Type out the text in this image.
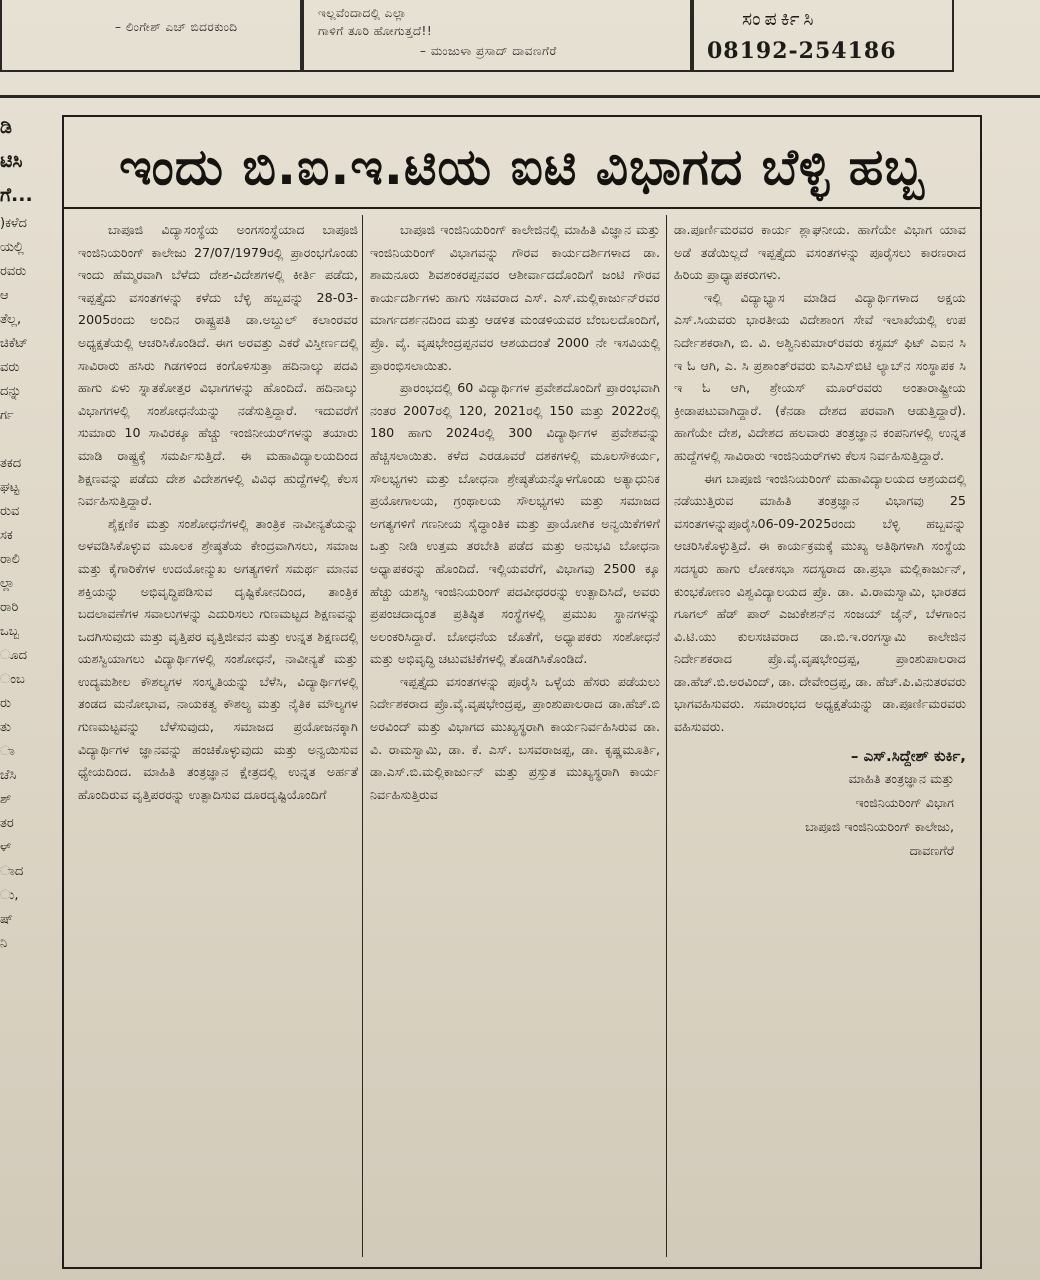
– ಲಿಂಗೇಶ್ ಎಚ್ ಬಿದರಕುಂದಿ
ಇಲ್ಲವೆಂದಾದಲ್ಲಿ ಎಲ್ಲಾ
ಗಾಳಿಗೆ ತೂರಿ ಹೋಗುತ್ತದೆ!!
– ಮಂಜುಳಾ ಪ್ರಸಾದ್ ದಾವಣಗೆರೆ
ಸಂಪರ್ಕಿಸಿ
08192-254186
ಡಿ
ಟಿಸಿ
ಗೆ...
)ಕಳೆದ
ಯಲ್ಲಿ
ರವರು
ಆ
ತೆಲ್ಲ,
ಚಿಕೆಟ್
ವರು
ದನ್ನು
ರ್ಗ
ತಕದ
ಘಟ್ಟ
ರುವ
ಸಕ
ರಾಲಿ
ಲ್ಲಾ
ರಾರಿ
ಒಬ್ಬ
ೂದ
ಂಬ
ರು
ತು
ಾ
ಚೆಸಿ
ಶ್
ತರ
ಳ್
ಾದ
ು,
ಷ್
ನಿ
ಇಂದು ಬಿ.ಐ.ಇ.ಟಿಯ ಐಟಿ ವಿಭಾಗದ ಬೆಳ್ಳಿ ಹಬ್ಬ

ಬಾಪೂಜಿ ವಿದ್ಯಾಸಂಸ್ಥೆಯ ಅಂಗಸಂಸ್ಥೆಯಾದ ಬಾಪೂಜಿ ಇಂಜಿನಿಯರಿಂಗ್ ಕಾಲೇಜು 27/07/1979ರಲ್ಲಿ ಪ್ರಾರಂಭಗೊಂಡು ಇಂದು ಹೆಮ್ಮರವಾಗಿ ಬೆಳೆದು ದೇಶ-ವಿದೇಶಗಳಲ್ಲಿ ಕೀರ್ತಿ ಪಡೆದು, ಇಪ್ಪತ್ತೈದು ವಸಂತಗಳನ್ನು ಕಳೆದು ಬೆಳ್ಳಿ ಹಬ್ಬವನ್ನು 28-03-2005ರಂದು ಅಂದಿನ ರಾಷ್ಟ್ರಪತಿ ಡಾ.ಅಬ್ದುಲ್ ಕಲಾಂರವರ ಅಧ್ಯಕ್ಷತೆಯಲ್ಲಿ ಆಚರಿಸಿಕೊಂಡಿದೆ. ಈಗ ಅರವತ್ತು ಎಕರೆ ವಿಸ್ತೀರ್ಣದಲ್ಲಿ ಸಾವಿರಾರು ಹಸಿರು ಗಿಡಗಳಿಂದ ಕಂಗೊಳಿಸುತ್ತಾ ಹದಿನಾಲ್ಕು ಪದವಿ ಹಾಗು ಏಳು ಸ್ನಾತಕೋತ್ತರ ವಿಭಾಗಗಳನ್ನು ಹೊಂದಿದೆ. ಹದಿನಾಲ್ಕು ವಿಭಾಗಗಳಲ್ಲಿ ಸಂಶೋಧನೆಯನ್ನು ನಡೆಸುತ್ತಿದ್ದಾರೆ. ಇದುವರೆಗೆ ಸುಮಾರು 10 ಸಾವಿರಕ್ಕೂ ಹೆಚ್ಚು ಇಂಜಿನೀಯರ್‌ಗಳನ್ನು ತಯಾರು ಮಾಡಿ ರಾಷ್ಟ್ರಕ್ಕೆ ಸಮರ್ಪಿಸುತ್ತಿದೆ. ಈ ಮಹಾವಿದ್ಯಾಲಯದಿಂದ ಶಿಕ್ಷಣವನ್ನು ಪಡೆದು ದೇಶ ವಿದೇಶಗಳಲ್ಲಿ ವಿವಿಧ ಹುದ್ದೆಗಳಲ್ಲಿ ಕೆಲಸ ನಿರ್ವಹಿಸುತ್ತಿದ್ದಾರೆ.

ಶೈಕ್ಷಣಿಕ ಮತ್ತು ಸಂಶೋಧನೆಗಳಲ್ಲಿ ತಾಂತ್ರಿಕ ನಾವೀನ್ಯತೆಯನ್ನು ಅಳವಡಿಸಿಕೊಳ್ಳುವ ಮೂಲಕ ಶ್ರೇಷ್ಠತೆಯ ಕೇಂದ್ರವಾಗಿಸಲು, ಸಮಾಜ ಮತ್ತು ಕೈಗಾರಿಕೆಗಳ ಉದಯೋನ್ಮುಖ ಅಗತ್ಯಗಳಿಗೆ ಸಮರ್ಥ ಮಾನವ ಶಕ್ತಿಯನ್ನು ಅಭಿವೃದ್ಧಿಪಡಿಸುವ ದೃಷ್ಟಿಕೋನದಿಂದ, ತಾಂತ್ರಿಕ ಬದಲಾವಣೆಗಳ ಸವಾಲುಗಳನ್ನು ಎದುರಿಸಲು ಗುಣಮಟ್ಟದ ಶಿಕ್ಷಣವನ್ನು ಒದಗಿಸುವುದು ಮತ್ತು ವೃತ್ತಿಪರ ವೃತ್ತಿಜೀವನ ಮತ್ತು ಉನ್ನತ ಶಿಕ್ಷಣದಲ್ಲಿ ಯಶಸ್ವಿಯಾಗಲು ವಿದ್ಯಾರ್ಥಿಗಳಲ್ಲಿ ಸಂಶೋಧನೆ, ನಾವೀನ್ಯತೆ ಮತ್ತು ಉದ್ಯಮಶೀಲ ಕೌಶಲ್ಯಗಳ ಸಂಸ್ಕೃತಿಯನ್ನು ಬೆಳೆಸಿ, ವಿದ್ಯಾರ್ಥಿಗಳಲ್ಲಿ ತಂಡದ ಮನೋಭಾವ, ನಾಯಕತ್ವ ಕೌಶಲ್ಯ ಮತ್ತು ನೈತಿಕ ಮೌಲ್ಯಗಳ ಗುಣಮಟ್ಟವನ್ನು ಬೆಳೆಸುವುದು, ಸಮಾಜದ ಪ್ರಯೋಜನಕ್ಕಾಗಿ ವಿದ್ಯಾರ್ಥಿಗಳ ಜ್ಞಾನವನ್ನು ಹಂಚಿಕೊಳ್ಳುವುದು ಮತ್ತು ಅನ್ವಯಿಸುವ ಧ್ಯೇಯದಿಂದ. ಮಾಹಿತಿ ತಂತ್ರಜ್ಞಾನ ಕ್ಷೇತ್ರದಲ್ಲಿ ಉನ್ನತ ಅರ್ಹತೆ ಹೊಂದಿರುವ ವೃತ್ತಿಪರರನ್ನು ಉತ್ಪಾದಿಸುವ ದೂರದೃಷ್ಟಿಯೊಂದಿಗೆ

ಬಾಪೂಜಿ ಇಂಜಿನಿಯರಿಂಗ್ ಕಾಲೇಜಿನಲ್ಲಿ ಮಾಹಿತಿ ವಿಜ್ಞಾನ ಮತ್ತು ಇಂಜಿನಿಯರಿಂಗ್ ವಿಭಾಗವನ್ನು ಗೌರವ ಕಾರ್ಯದರ್ಶಿಗಳಾದ ಡಾ. ಶಾಮನೂರು ಶಿವಶಂಕರಪ್ಪನವರ ಆಶೀರ್ವಾದದೊಂದಿಗೆ ಜಂಟಿ ಗೌರವ ಕಾರ್ಯದರ್ಶಿಗಳು ಹಾಗು ಸಚಿವರಾದ ಎಸ್. ಎಸ್.ಮಲ್ಲಿಕಾರ್ಜುನ್‌ರವರ ಮಾರ್ಗದರ್ಶನದಿಂದ ಮತ್ತು ಆಡಳಿತ ಮಂಡಳಿಯವರ ಬೆಂಬಲದೊಂದಿಗೆ, ಪ್ರೊ. ವೈ. ವೃಷಭೇಂದ್ರಪ್ಪನವರ ಆಶಯದಂತೆ 2000 ನೇ ಇಸವಿಯಲ್ಲಿ ಪ್ರಾರಂಭಿಸಲಾಯಿತು.

ಪ್ರಾರಂಭದಲ್ಲಿ 60 ವಿದ್ಯಾರ್ಥಿಗಳ ಪ್ರವೇಶದೊಂದಿಗೆ ಪ್ರಾರಂಭವಾಗಿ ನಂತರ 2007ರಲ್ಲಿ 120, 2021ರಲ್ಲಿ 150 ಮತ್ತು 2022ರಲ್ಲಿ 180 ಹಾಗು 2024ರಲ್ಲಿ 300 ವಿದ್ಯಾರ್ಥಿಗಳ ಪ್ರವೇಶವನ್ನು ಹೆಚ್ಚಿಸಲಾಯಿತು. ಕಳೆದ ಎರಡೂವರೆ ದಶಕಗಳಲ್ಲಿ ಮೂಲಸೌಕರ್ಯ, ಸೌಲಭ್ಯಗಳು ಮತ್ತು ಬೋಧನಾ ಶ್ರೇಷ್ಠತೆಯನ್ನೊಳಗೊಂಡು ಅತ್ಯಾಧುನಿಕ ಪ್ರಯೋಗಾಲಯ, ಗ್ರಂಥಾಲಯ ಸೌಲಭ್ಯಗಳು ಮತ್ತು ಸಮಾಜದ ಅಗತ್ಯಗಳಿಗೆ ಗಣನೀಯ ಸೈದ್ಧಾಂತಿಕ ಮತ್ತು ಪ್ರಾಯೋಗಿಕ ಅನ್ವಯಿಕೆಗಳಿಗೆ ಒತ್ತು ನೀಡಿ ಉತ್ತಮ ತರಬೇತಿ ಪಡೆದ ಮತ್ತು ಅನುಭವಿ ಬೋಧನಾ ಅಧ್ಯಾಪಕರನ್ನು ಹೊಂದಿದೆ. ಇಲ್ಲಿಯವರೆಗೆ, ವಿಭಾಗವು 2500 ಕ್ಕೂ ಹೆಚ್ಚು ಯಶಸ್ವಿ ಇಂಜಿನಿಯರಿಂಗ್ ಪದವೀಧರರನ್ನು ಉತ್ಪಾದಿಸಿದೆ, ಅವರು ಪ್ರಪಂಚದಾದ್ಯಂತ ಪ್ರತಿಷ್ಠಿತ ಸಂಸ್ಥೆಗಳಲ್ಲಿ ಪ್ರಮುಖ ಸ್ಥಾನಗಳನ್ನು ಅಲಂಕರಿಸಿದ್ದಾರೆ. ಬೋಧನೆಯ ಜೊತೆಗೆ, ಅಧ್ಯಾಪಕರು ಸಂಶೋಧನೆ ಮತ್ತು ಅಭಿವೃದ್ಧಿ ಚಟುವಟಿಕೆಗಳಲ್ಲಿ ತೊಡಗಿಸಿಕೊಂಡಿದೆ.

ಇಪ್ಪತ್ತೈದು ವಸಂತಗಳನ್ನು ಪೂರೈಸಿ ಒಳ್ಳೆಯ ಹೆಸರು ಪಡೆಯಲು ನಿರ್ದೇಶಕರಾದ ಪ್ರೊ.ವೈ.ವೃಷಭೇಂದ್ರಪ್ಪ, ಪ್ರಾಂಶುಪಾಲರಾದ ಡಾ.ಹೆಚ್.ಬಿ ಅರವಿಂದ್ ಮತ್ತು ವಿಭಾಗದ ಮುಖ್ಯಸ್ಥರಾಗಿ ಕಾರ್ಯನಿರ್ವಹಿಸಿರುವ ಡಾ. ವಿ. ರಾಮಸ್ವಾಮಿ, ಡಾ. ಕೆ. ಎಸ್. ಬಸವರಾಜಪ್ಪ, ಡಾ. ಕೃಷ್ಣಮೂರ್ತಿ, ಡಾ.ಎಸ್.ಬಿ.ಮಲ್ಲಿಕಾರ್ಜುನ್ ಮತ್ತು ಪ್ರಸ್ತುತ ಮುಖ್ಯಸ್ಥರಾಗಿ ಕಾರ್ಯ ನಿರ್ವಹಿಸುತ್ತಿರುವ

ಡಾ.ಪೂರ್ಣಿಮರವರ ಕಾರ್ಯ ಶ್ಲಾಘನೀಯ. ಹಾಗೆಯೇ ವಿಭಾಗ ಯಾವ ಅಡೆ ತಡೆಯಿಲ್ಲದೆ ಇಪ್ಪತ್ತೈದು ವಸಂತಗಳನ್ನು ಪೂರೈಸಲು ಕಾರಣರಾದ ಹಿರಿಯ ಪ್ರಾಧ್ಯಾಪಕರುಗಳು.

ಇಲ್ಲಿ ವಿದ್ಯಾಭ್ಯಾಸ ಮಾಡಿದ ವಿದ್ಯಾರ್ಥಿಗಳಾದ ಅಕ್ಷಯ ಎಸ್.ಸಿಯವರು ಭಾರತೀಯ ವಿದೇಶಾಂಗ ಸೇವೆ ಇಲಾಖೆಯಲ್ಲಿ ಉಪ ನಿರ್ದೇಶಕರಾಗಿ, ಬಿ. ವಿ. ಅಶ್ವಿನಿಕುಮಾರ್‌ರವರು ಕಸ್ಟಮ್ ಫಿಟ್ ಎಐನ ಸಿ ಇ ಓ ಆಗಿ, ಎ. ಸಿ ಪ್ರಶಾಂತ್‌ರವರು ಐಸಿಎಸ್‌ಬಿಟಿ ಲ್ಯಾಬ್‌ನ ಸಂಸ್ಥಾಪಕ ಸಿ ಇ ಓ ಆಗಿ, ಶ್ರೇಯಸ್ ಮೂರ್‌ರವರು ಅಂತಾರಾಷ್ಟ್ರೀಯ ಕ್ರೀಡಾಪಟುವಾಗಿದ್ದಾರೆ. (ಕೆನಡಾ ದೇಶದ ಪರವಾಗಿ ಆಡುತ್ತಿದ್ದಾರೆ). ಹಾಗೆಯೇ ದೇಶ, ವಿದೇಶದ ಹಲವಾರು ತಂತ್ರಜ್ಞಾನ ಕಂಪನಿಗಳಲ್ಲಿ ಉನ್ನತ ಹುದ್ದೆಗಳಲ್ಲಿ ಸಾವಿರಾರು ಇಂಜಿನಿಯರ್‌ಗಳು ಕೆಲಸ ನಿರ್ವಹಿಸುತ್ತಿದ್ದಾರೆ.

ಈಗ ಬಾಪೂಜಿ ಇಂಜಿನಿಯರಿಂಗ್ ಮಹಾವಿದ್ಯಾಲಯದ ಆಶ್ರಯದಲ್ಲಿ ನಡೆಯುತ್ತಿರುವ ಮಾಹಿತಿ ತಂತ್ರಜ್ಞಾನ ವಿಭಾಗವು 25 ವಸಂತಗಳನ್ನುಪೂರೈಸಿ06-09-2025ರಂದು ಬೆಳ್ಳಿ ಹಬ್ಬವನ್ನು ಆಚರಿಸಿಕೊಳ್ಳುತ್ತಿದೆ. ಈ ಕಾರ್ಯಕ್ರಮಕ್ಕೆ ಮುಖ್ಯ ಅತಿಥಿಗಳಾಗಿ ಸಂಸ್ಥೆಯ ಸದಸ್ಯರು ಹಾಗು ಲೋಕಸಭಾ ಸದಸ್ಯರಾದ ಡಾ.ಪ್ರಭಾ ಮಲ್ಲಿಕಾರ್ಜುನ್, ಕುಂಭಕೋಣಂ ವಿಶ್ವವಿದ್ಯಾಲಯದ ಪ್ರೊ. ಡಾ. ವಿ.ರಾಮಸ್ವಾಮಿ, ಭಾರತದ ಗೂಗಲ್ ಹೆಡ್ ಪಾರ್ ಎಜುಕೇಶನ್‌ನ ಸಂಜಯ್ ಜೈನ್, ಬೆಳಗಾಂನ ವಿ.ಟಿ.ಯು ಕುಲಸಚಿವರಾದ ಡಾ.ಬಿ.ಇ.ರಂಗಸ್ವಾಮಿ ಕಾಲೇಜಿನ ನಿರ್ದೇಶಕರಾದ ಪ್ರೊ.ವೈ.ವೃಷಭೇಂದ್ರಪ್ಪ, ಪ್ರಾಂಶುಪಾಲರಾದ ಡಾ.ಹೆಚ್.ಬಿ.ಅರವಿಂದ್, ಡಾ. ದೇವೇಂದ್ರಪ್ಪ, ಡಾ. ಹೆಚ್.ಪಿ.ವಿನುತರವರು ಭಾಗವಹಿಸುವರು. ಸಮಾರಂಭದ ಅಧ್ಯಕ್ಷತೆಯನ್ನು ಡಾ.ಪೂರ್ಣಿಮರವರು ವಹಿಸುವರು.

– ಎಸ್.ಸಿದ್ದೇಶ್ ಕುರ್ಕಿ,
ಮಾಹಿತಿ ತಂತ್ರಜ್ಞಾನ ಮತ್ತು
ಇಂಜಿನಿಯರಿಂಗ್ ವಿಭಾಗ
ಬಾಪೂಜಿ ಇಂಜಿನಿಯರಿಂಗ್ ಕಾಲೇಜು,
ದಾವಣಗೆರೆ
